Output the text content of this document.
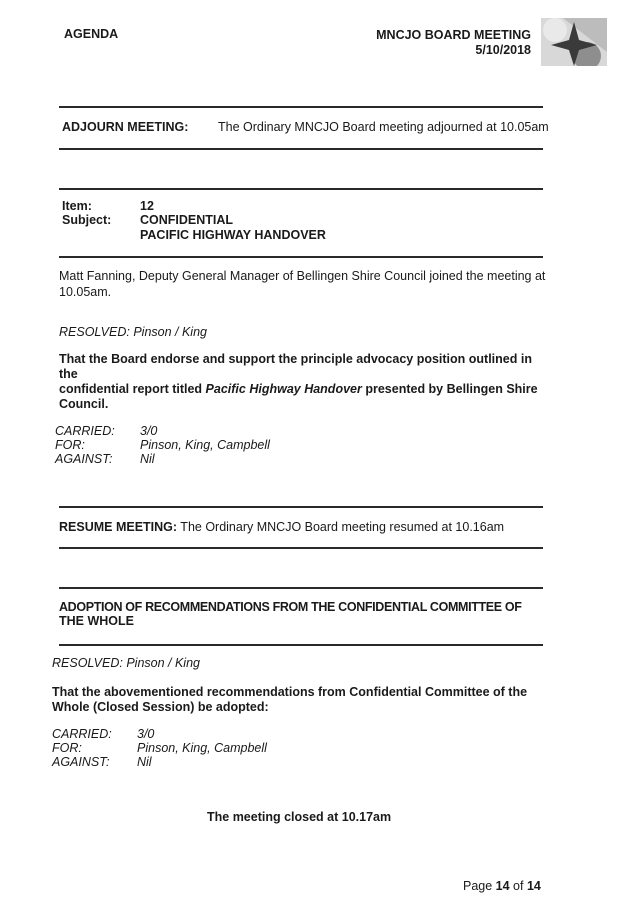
AGENDA	MNCJO BOARD MEETING
5/10/2018
ADJOURN MEETING: The Ordinary MNCJO Board meeting adjourned at 10.05am
Item:	12
Subject: CONFIDENTIAL
PACIFIC HIGHWAY HANDOVER
Matt Fanning, Deputy General Manager of Bellingen Shire Council joined the meeting at
10.05am.
RESOLVED: Pinson / King
That the Board endorse and support the principle advocacy position outlined in the
confidential report titled Pacific Highway Handover presented by Bellingen Shire
Council.
CARRIED: 3/0
FOR:	Pinson, King, Campbell
AGAINST: Nil
RESUME MEETING: The Ordinary MNCJO Board meeting resumed at 10.16am
ADOPTION OF RECOMMENDATIONS FROM THE CONFIDENTIAL COMMITTEE OF
THE WHOLE
RESOLVED: Pinson / King
That the abovementioned recommendations from Confidential Committee of the
Whole (Closed Session) be adopted:
CARRIED: 3/0
FOR:	Pinson, King, Campbell
AGAINST: Nil
The meeting closed at 10.17am
Page 14 of 14
